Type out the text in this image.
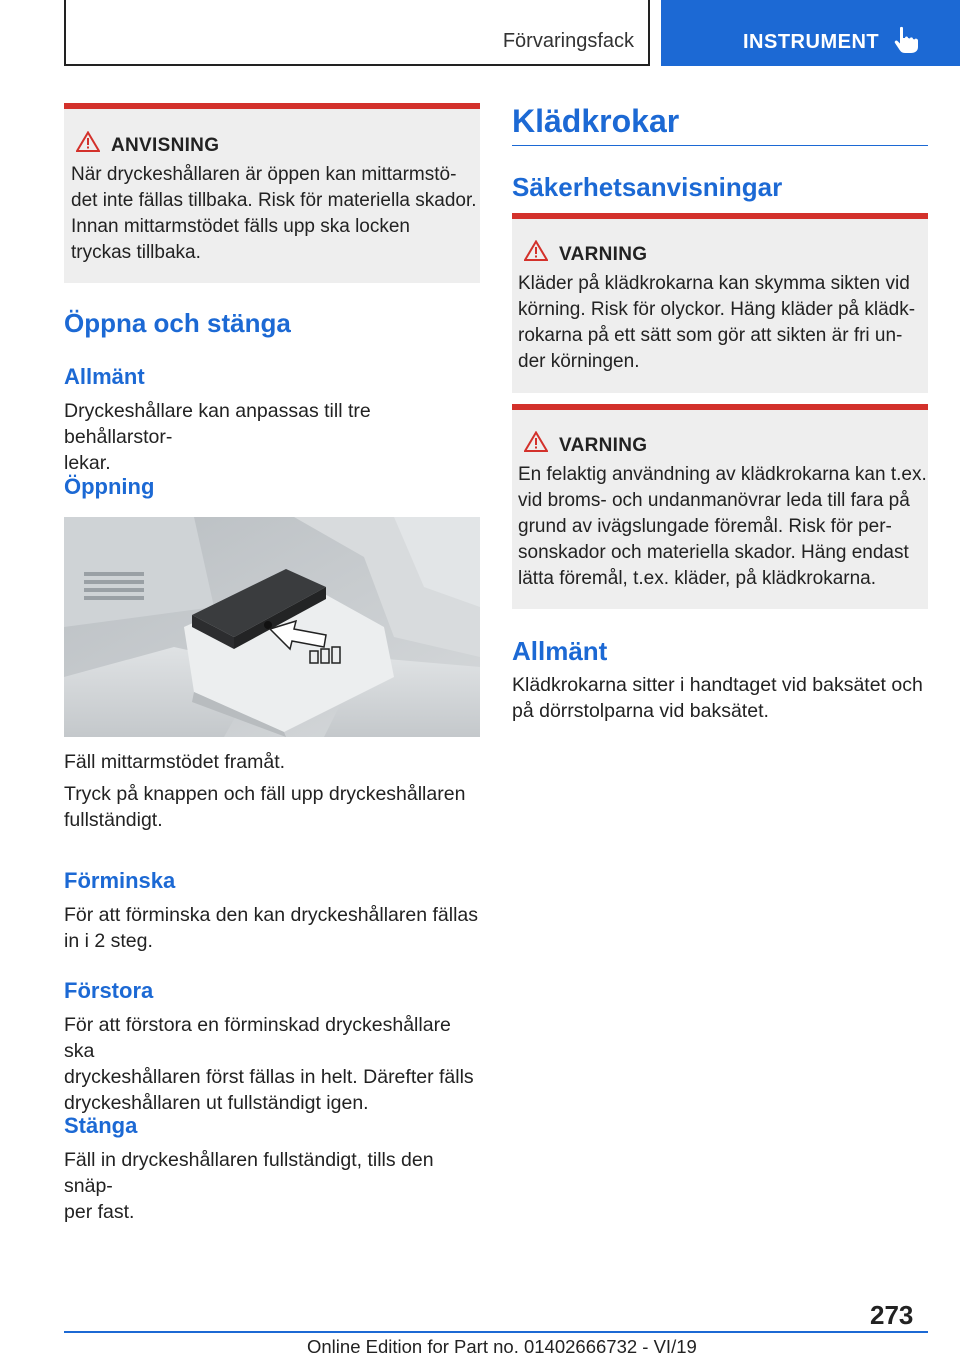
Förvaringsfack	INSTRUMENT
ANVISNING
När dryckeshållaren är öppen kan mittarmstö-
det inte fällas tillbaka. Risk för materiella skador.
Innan mittarmstödet fälls upp ska locken
tryckas tillbaka.
Öppna och stänga
Allmänt
Dryckeshållare kan anpassas till tre behållarstor-
lekar.
Öppning
Fäll mittarmstödet framåt.
Tryck på knappen och fäll upp dryckeshållaren
fullständigt.
Förminska
För att förminska den kan dryckeshållaren fällas
in i 2 steg.
Förstora
För att förstora en förminskad dryckeshållare ska
dryckeshållaren först fällas in helt. Därefter fälls
dryckeshållaren ut fullständigt igen.
Stänga
Fäll in dryckeshållaren fullständigt, tills den snäp-
per fast.
Klädkrokar
Säkerhetsanvisningar
VARNING
Kläder på klädkrokarna kan skymma sikten vid
körning. Risk för olyckor. Häng kläder på klädk-
rokarna på ett sätt som gör att sikten är fri un-
der körningen.
VARNING
En felaktig användning av klädkrokarna kan t.ex.
vid broms- och undanmanövrar leda till fara på
grund av ivägslungade föremål. Risk för per-
sonskador och materiella skador. Häng endast
lätta föremål, t.ex. kläder, på klädkrokarna.
Allmänt
Klädkrokarna sitter i handtaget vid baksätet och
på dörrstolparna vid baksätet.
273
Online Edition for Part no. 01402666732 - VI/19
